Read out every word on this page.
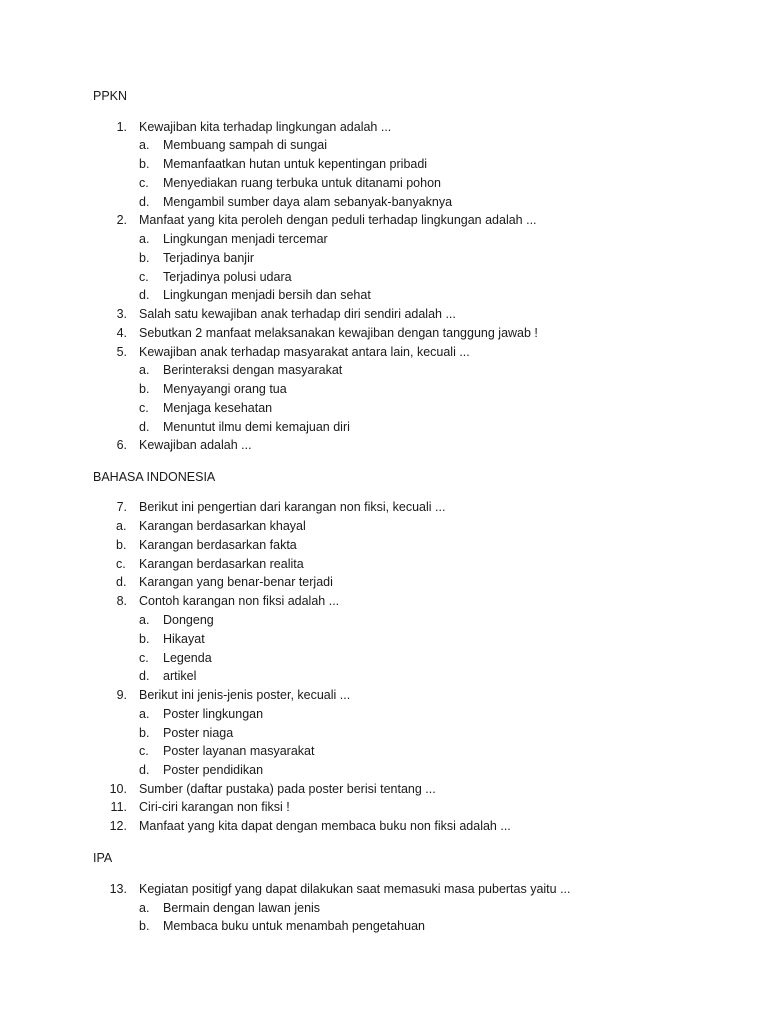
PPKN
1. Kewajiban kita terhadap lingkungan adalah ...
a. Membuang sampah di sungai
b. Memanfaatkan hutan untuk kepentingan pribadi
c. Menyediakan ruang terbuka untuk ditanami pohon
d. Mengambil sumber daya alam sebanyak-banyaknya
2. Manfaat yang kita peroleh dengan peduli terhadap lingkungan adalah ...
a. Lingkungan menjadi tercemar
b. Terjadinya banjir
c. Terjadinya polusi udara
d. Lingkungan menjadi bersih dan sehat
3. Salah satu kewajiban anak terhadap diri sendiri adalah ...
4. Sebutkan 2 manfaat melaksanakan kewajiban dengan tanggung jawab !
5. Kewajiban anak terhadap masyarakat antara lain, kecuali ...
a. Berinteraksi dengan masyarakat
b. Menyayangi orang tua
c. Menjaga kesehatan
d. Menuntut ilmu demi kemajuan diri
6. Kewajiban adalah ...
BAHASA INDONESIA
7. Berikut ini pengertian dari karangan non fiksi, kecuali ...
a. Karangan berdasarkan khayal
b. Karangan berdasarkan fakta
c. Karangan berdasarkan realita
d. Karangan yang benar-benar terjadi
8. Contoh karangan non fiksi adalah ...
a. Dongeng
b. Hikayat
c. Legenda
d. artikel
9. Berikut ini jenis-jenis poster, kecuali ...
a. Poster lingkungan
b. Poster niaga
c. Poster layanan masyarakat
d. Poster pendidikan
10. Sumber (daftar pustaka) pada poster berisi tentang ...
11. Ciri-ciri karangan non fiksi !
12. Manfaat yang kita dapat dengan membaca buku non fiksi adalah ...
IPA
13. Kegiatan positigf yang dapat dilakukan saat memasuki masa pubertas yaitu ...
a. Bermain dengan lawan jenis
b. Membaca buku untuk menambah pengetahuan
